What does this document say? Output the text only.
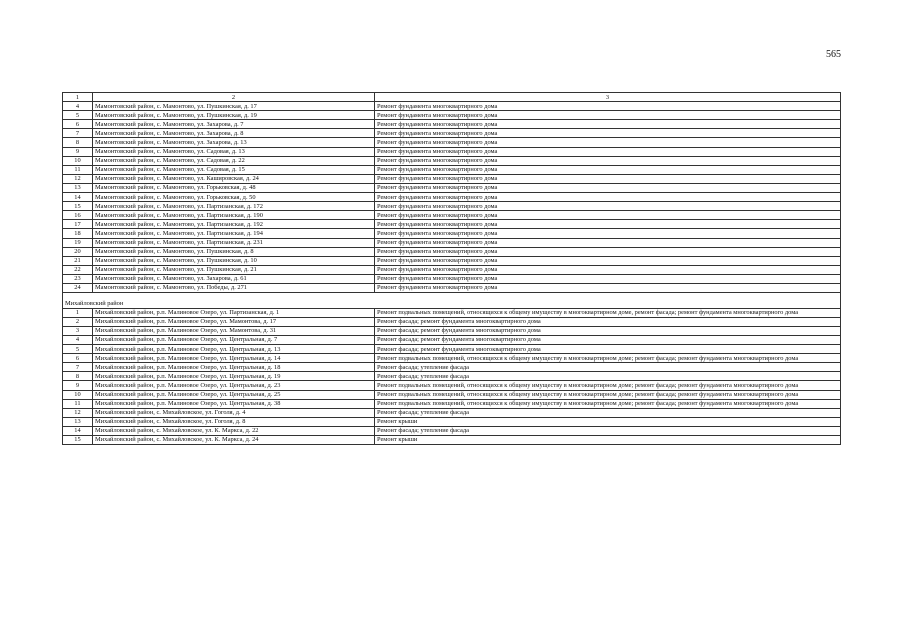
565
1	2	3
4	Мамонтовский район, с. Мамонтово, ул. Пушкинская, д. 17	Ремонт фундамента многоквартирного дома
5	Мамонтовский район, с. Мамонтово, ул. Пушкинская, д. 19	Ремонт фундамента многоквартирного дома
6	Мамонтовский район, с. Мамонтово, ул. Захарова, д. 7	Ремонт фундамента многоквартирного дома
7	Мамонтовский район, с. Мамонтово, ул. Захарова, д. 8	Ремонт фундамента многоквартирного дома
8	Мамонтовский район, с. Мамонтово, ул. Захарова, д. 13	Ремонт фундамента многоквартирного дома
9	Мамонтовский район, с. Мамонтово, ул. Садовая, д. 13	Ремонт фундамента многоквартирного дома
10	Мамонтовский район, с. Мамонтово, ул. Садовая, д. 22	Ремонт фундамента многоквартирного дома
11	Мамонтовский район, с. Мамонтово, ул. Садовая, д. 15	Ремонт фундамента многоквартирного дома
12	Мамонтовский район, с. Мамонтово, ул. Кашировская, д. 24	Ремонт фундамента многоквартирного дома
13	Мамонтовский район, с. Мамонтово, ул. Горьковская, д. 48	Ремонт фундамента многоквартирного дома
14	Мамонтовский район, с. Мамонтово, ул. Горьковская, д. 50	Ремонт фундамента многоквартирного дома
15	Мамонтовский район, с. Мамонтово, ул. Партизанская, д. 172	Ремонт фундамента многоквартирного дома
16	Мамонтовский район, с. Мамонтово, ул. Партизанская, д. 190	Ремонт фундамента многоквартирного дома
17	Мамонтовский район, с. Мамонтово, ул. Партизанская, д. 192	Ремонт фундамента многоквартирного дома
18	Мамонтовский район, с. Мамонтово, ул. Партизанская, д. 194	Ремонт фундамента многоквартирного дома
19	Мамонтовский район, с. Мамонтово, ул. Партизанская, д. 231	Ремонт фундамента многоквартирного дома
20	Мамонтовский район, с. Мамонтово, ул. Пушкинская, д. 8	Ремонт фундамента многоквартирного дома
21	Мамонтовский район, с. Мамонтово, ул. Пушкинская, д. 10	Ремонт фундамента многоквартирного дома
22	Мамонтовский район, с. Мамонтово, ул. Пушкинская, д. 21	Ремонт фундамента многоквартирного дома
23	Мамонтовский район, с. Мамонтово, ул. Захарова, д. 61	Ремонт фундамента многоквартирного дома
24	Мамонтовский район, с. Мамонтово, ул. Победы, д. 271	Ремонт фундамента многоквартирного дома
Михайловский район		
1	Михайловский район, р.п. Малиновое Озеро, ул. Партизанская, д. 1	Ремонт подвальных помещений, относящихся к общему имуществу в многоквартирном доме, ремонт фасада; ремонт фундамента многоквартирного дома
2	Михайловский район, р.п. Малиновое Озеро, ул. Мамонтова, д. 17	Ремонт фасада; ремонт фундамента многоквартирного дома
3	Михайловский район, р.п. Малиновое Озеро, ул. Мамонтова, д. 31	Ремонт фасада; ремонт фундамента многоквартирного дома
4	Михайловский район, р.п. Малиновое Озеро, ул. Центральная, д. 7	Ремонт фасада; ремонт фундамента многоквартирного дома
5	Михайловский район, р.п. Малиновое Озеро, ул. Центральная, д. 13	Ремонт фасада; ремонт фундамента многоквартирного дома
6	Михайловский район, р.п. Малиновое Озеро, ул. Центральная, д. 14	Ремонт подвальных помещений, относящихся к общему имуществу в многоквартирном доме; ремонт фасада; ремонт фундамента многоквартирного дома
7	Михайловский район, р.п. Малиновое Озеро, ул. Центральная, д. 18	Ремонт фасада; утепление фасада
8	Михайловский район, р.п. Малиновое Озеро, ул. Центральная, д. 19	Ремонт фасада; утепление фасада
9	Михайловский район, р.п. Малиновое Озеро, ул. Центральная, д. 23	Ремонт подвальных помещений, относящихся к общему имуществу в многоквартирном доме; ремонт фасада; ремонт фундамента многоквартирного дома
10	Михайловский район, р.п. Малиновое Озеро, ул. Центральная, д. 25	Ремонт подвальных помещений, относящихся к общему имуществу в многоквартирном доме; ремонт фасада; ремонт фундамента многоквартирного дома
11	Михайловский район, р.п. Малиновое Озеро, ул. Центральная, д. 38	Ремонт подвальных помещений, относящихся к общему имуществу в многоквартирном доме; ремонт фасада; ремонт фундамента многоквартирного дома
12	Михайловский район, с. Михайловское, ул. Гоголя, д. 4	Ремонт фасада; утепление фасада
13	Михайловский район, с. Михайловское, ул. Гоголя, д. 8	Ремонт крыши
14	Михайловский район, с. Михайловское, ул. К. Маркса, д. 22	Ремонт фасада; утепление фасада
15	Михайловский район, с. Михайловское, ул. К. Маркса, д. 24	Ремонт крыши
